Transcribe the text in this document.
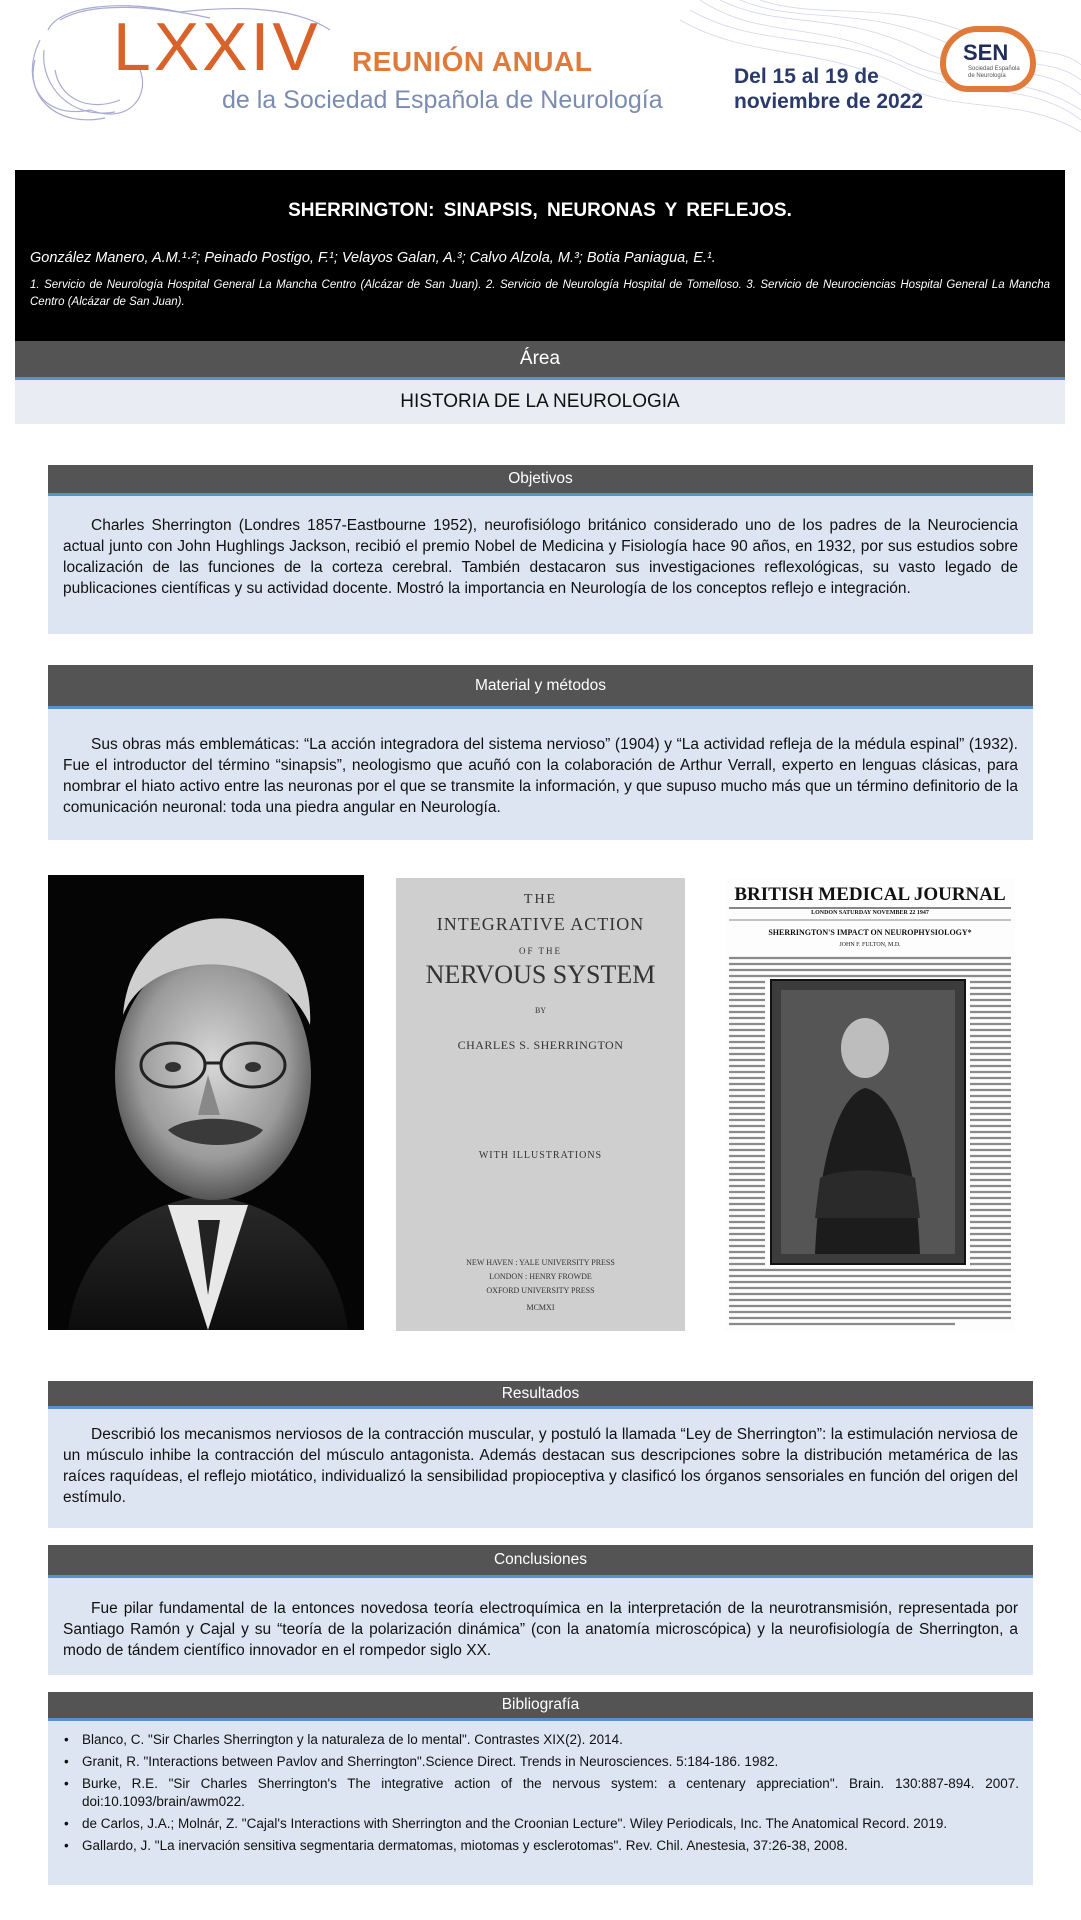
LXXIV REUNIÓN ANUAL
de la Sociedad Española de Neurología
Del 15 al 19 de
noviembre de 2022
SEN
Sociedad Española de Neurología
SHERRINGTON: SINAPSIS, NEURONAS Y REFLEJOS.
González Manero, A.M.¹·²; Peinado Postigo, F.¹; Velayos Galan, A.³; Calvo Alzola, M.³; Botia Paniagua, E.¹.
1. Servicio de Neurología Hospital General La Mancha Centro (Alcázar de San Juan). 2. Servicio de Neurología Hospital de Tomelloso. 3. Servicio de Neurociencias Hospital General La Mancha Centro (Alcázar de San Juan).
Área
HISTORIA DE LA NEUROLOGIA
Objetivos

Charles Sherrington (Londres 1857-Eastbourne 1952), neurofisiólogo británico considerado uno de los padres de la Neurociencia actual junto con John Hughlings Jackson, recibió el premio Nobel de Medicina y Fisiología hace 90 años, en 1932, por sus estudios sobre localización de las funciones de la corteza cerebral. También destacaron sus investigaciones reflexológicas, su vasto legado de publicaciones científicas y su actividad docente. Mostró la importancia en Neurología de los conceptos reflejo e integración.

Material y métodos

Sus obras más emblemáticas: “La acción integradora del sistema nervioso” (1904) y “La actividad refleja de la médula espinal” (1932). Fue el introductor del término “sinapsis”, neologismo que acuñó con la colaboración de Arthur Verrall, experto en lenguas clásicas, para nombrar el hiato activo entre las neuronas por el que se transmite la información, y que supuso mucho más que un término definitorio de la comunicación neuronal: toda una piedra angular en Neurología.

THE
INTEGRATIVE ACTION
OF THE
NERVOUS SYSTEM
BY
CHARLES S. SHERRINGTON
WITH ILLUSTRATIONS
NEW HAVEN : YALE UNIVERSITY PRESS
LONDON : HENRY FROWDE
OXFORD UNIVERSITY PRESS
MCMXI
BRITISH MEDICAL JOURNAL
LONDON SATURDAY NOVEMBER 22 1947
SHERRINGTON'S IMPACT ON NEUROPHYSIOLOGY*
JOHN F. FULTON, M.D.
Resultados

Describió los mecanismos nerviosos de la contracción muscular, y postuló la llamada “Ley de Sherrington”: la estimulación nerviosa de un músculo inhibe la contracción del músculo antagonista. Además destacan sus descripciones sobre la distribución metamérica de las raíces raquídeas, el reflejo miotático, individualizó la sensibilidad propioceptiva y clasificó los órganos sensoriales en función del origen del estímulo.

Conclusiones

Fue pilar fundamental de la entonces novedosa teoría electroquímica en la interpretación de la neurotransmisión, representada por Santiago Ramón y Cajal y su “teoría de la polarización dinámica” (con la anatomía microscópica) y la neurofisiología de Sherrington, a modo de tándem científico innovador en el rompedor siglo XX.

Bibliografía
• Blanco, C. "Sir Charles Sherrington y la naturaleza de lo mental". Contrastes XIX(2). 2014.
• Granit, R. "Interactions between Pavlov and Sherrington".Science Direct. Trends in Neurosciences. 5:184-186. 1982.
• Burke, R.E. "Sir Charles Sherrington's The integrative action of the nervous system: a centenary appreciation". Brain. 130:887-894. 2007. doi:10.1093/brain/awm022.
• de Carlos, J.A.; Molnár, Z. "Cajal's Interactions with Sherrington and the Croonian Lecture". Wiley Periodicals, Inc. The Anatomical Record. 2019.
• Gallardo, J. "La inervación sensitiva segmentaria dermatomas, miotomas y esclerotomas". Rev. Chil. Anestesia, 37:26-38, 2008.
